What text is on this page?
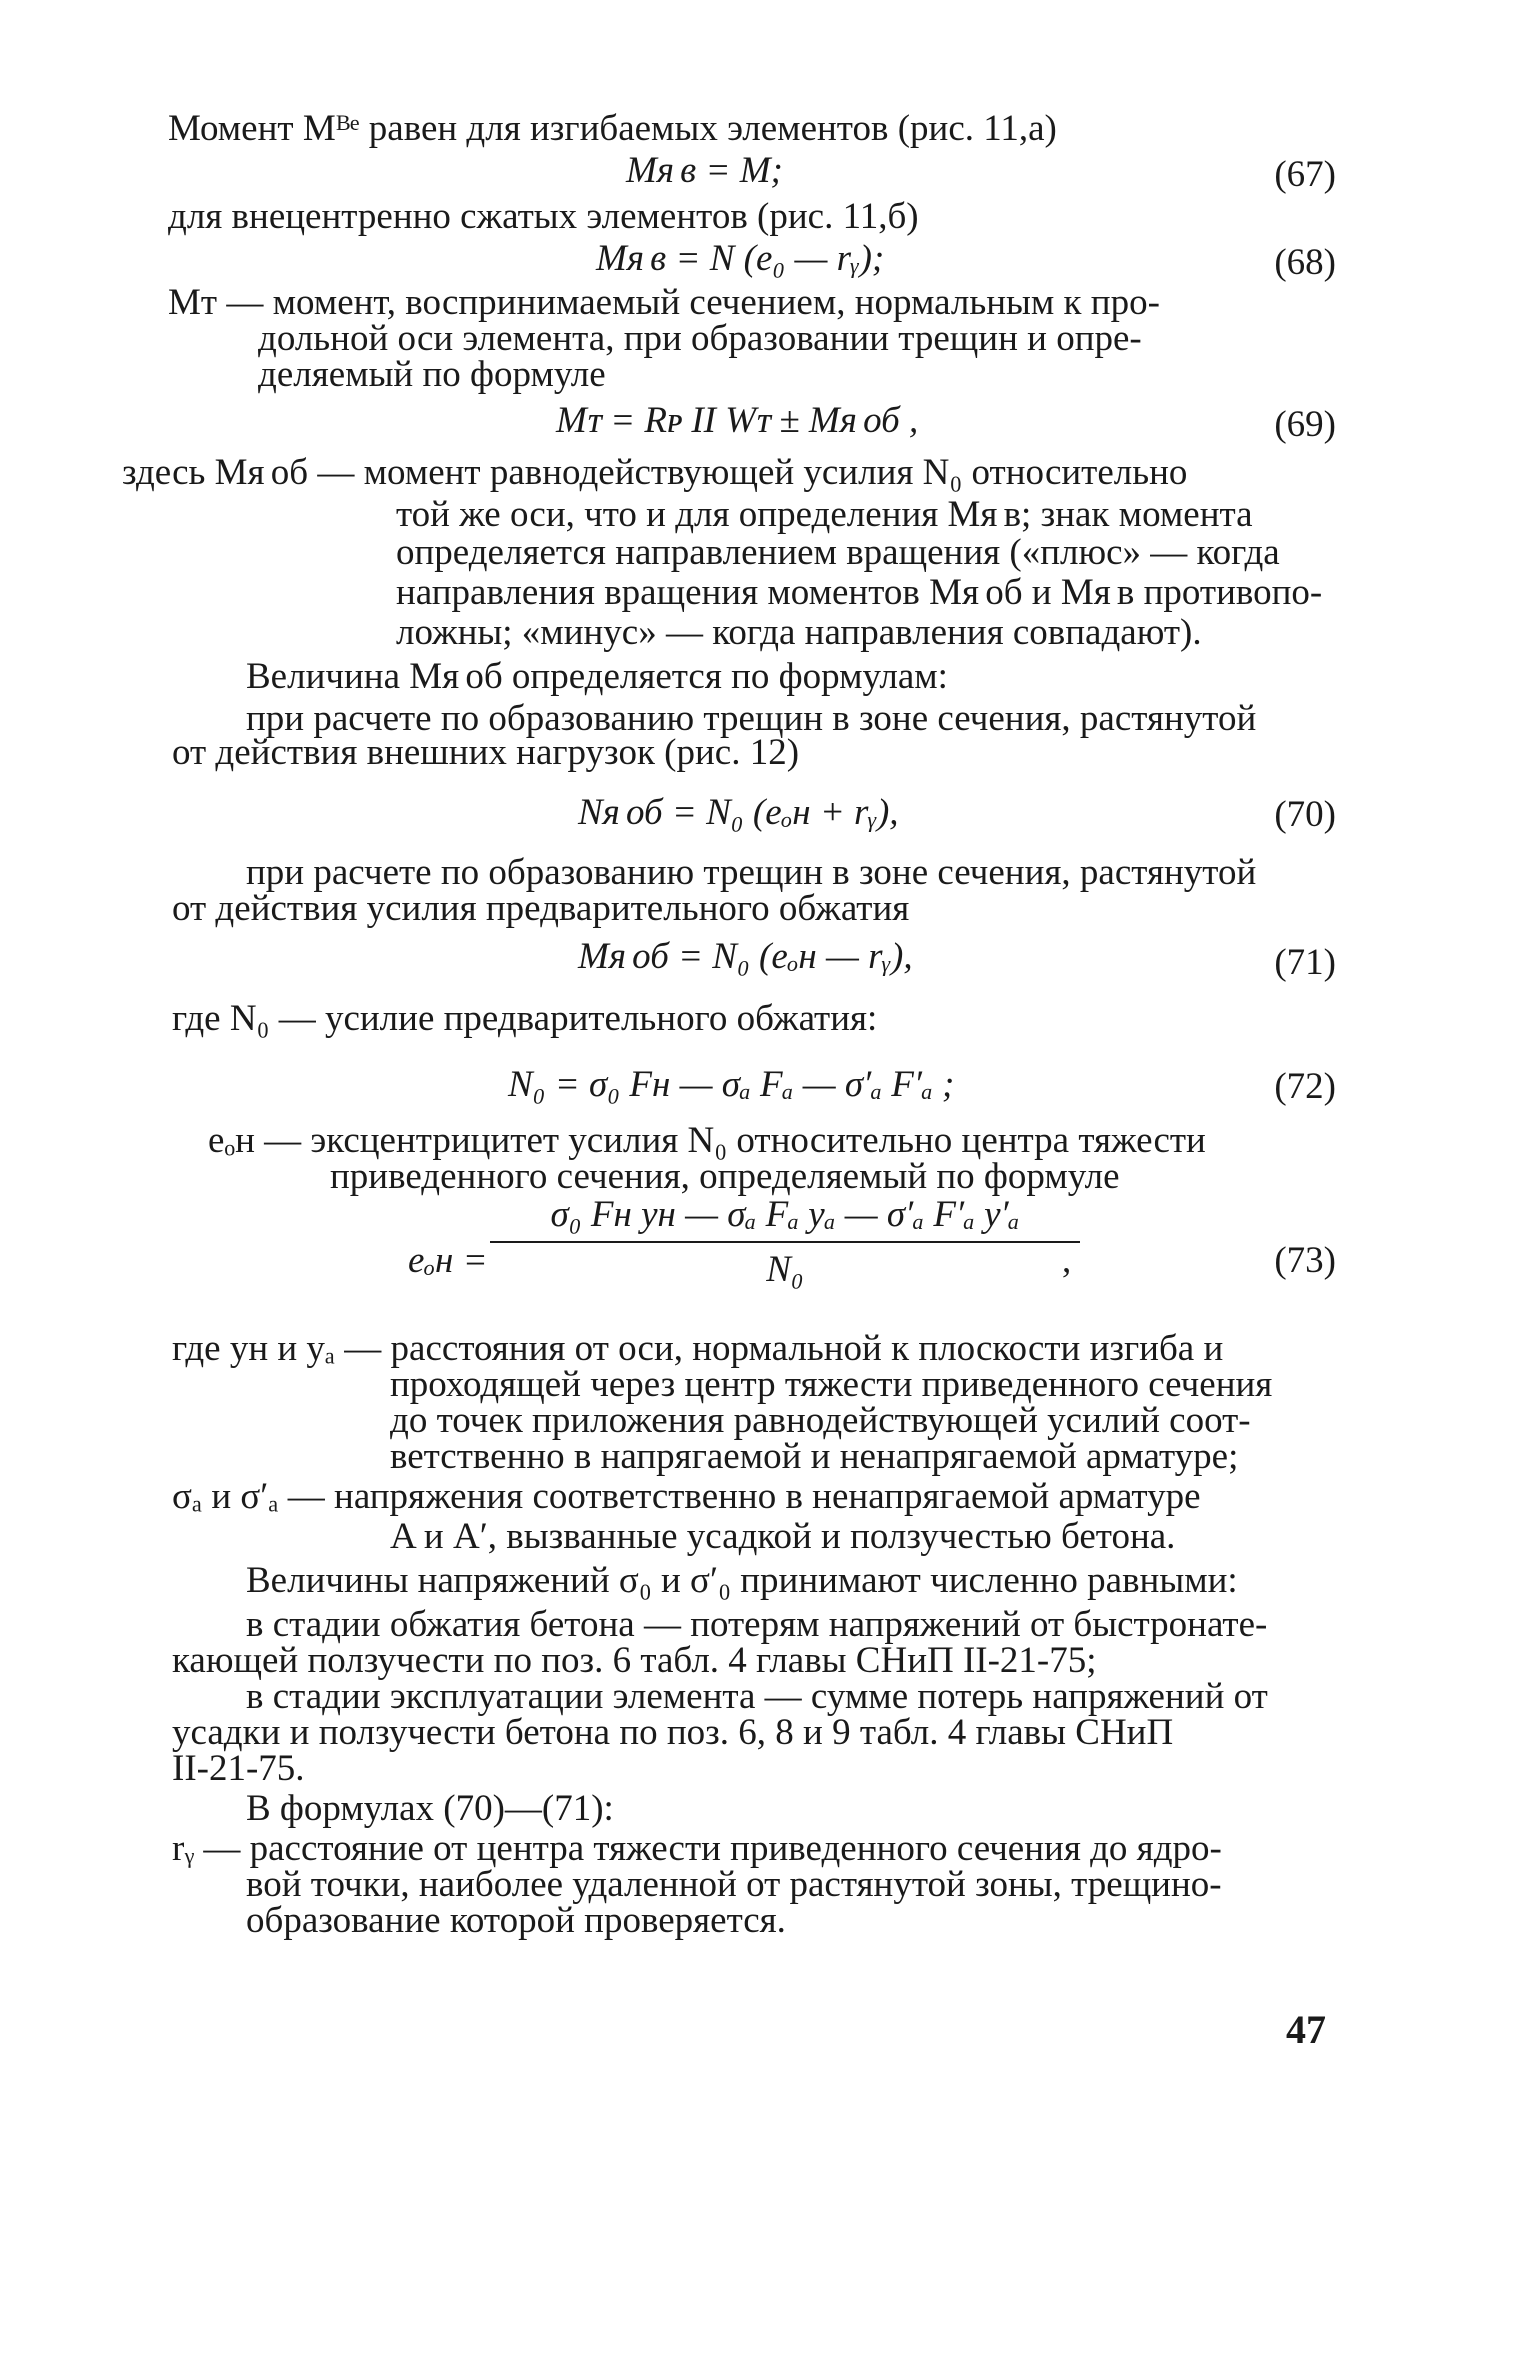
Момент Mᴮᵉ равен для изгибаемых элементов (рис. 11,а)
Mя в = M;	(67)
для внецентренно сжатых элементов (рис. 11,б)
Mя в = N (e₀ — rᵧ);	(68)
Mᴛ — момент, воспринимаемый сечением, нормальным к про-
дольной оси элемента, при образовании трещин и опре-
деляемый по формуле
Mᴛ = Rᴘ II Wᴛ ± Mя об ,	(69)
здесь Mя об — момент равнодействующей усилия N₀ относительно
той же оси, что и для определения Mя в; знак момента
определяется направлением вращения («плюс» — когда
направления вращения моментов Mя об и Mя в противопо-
ложны; «минус» — когда направления совпадают).
Величина Mя об определяется по формулам:
при расчете по образованию трещин в зоне сечения, растянутой
от действия внешних нагрузок (рис. 12)
Nя об = N₀ (eₒн + rᵧ),	(70)
при расчете по образованию трещин в зоне сечения, растянутой
от действия усилия предварительного обжатия
Mя об = N₀ (eₒн — rᵧ),	(71)
где N₀ — усилие предварительного обжатия:
N₀ = σ₀ Fн — σₐ Fₐ — σ′ₐ F′ₐ ;	(72)
eₒн — эксцентрицитет усилия N₀ относительно центра тяжести
приведенного сечения, определяемый по формуле
eₒн =
σ₀ Fн yн — σₐ Fₐ yₐ — σ′ₐ F′ₐ y′ₐ
N₀	,	(73)
где yн и yₐ — расстояния от оси, нормальной к плоскости изгиба и
проходящей через центр тяжести приведенного сечения
до точек приложения равнодействующей усилий соот-
ветственно в напрягаемой и ненапрягаемой арматуре;
σₐ и σ′ₐ — напряжения соответственно в ненапрягаемой арматуре
A и A′, вызванные усадкой и ползучестью бетона.
Величины напряжений σ₀ и σ′₀ принимают численно равными:
в стадии обжатия бетона — потерям напряжений от быстронате-
кающей ползучести по поз. 6 табл. 4 главы СНиП II-21-75;
в стадии эксплуатации элемента — сумме потерь напряжений от
усадки и ползучести бетона по поз. 6, 8 и 9 табл. 4 главы СНиП
II-21-75.
В формулах (70)—(71):
rᵧ — расстояние от центра тяжести приведенного сечения до ядро-
вой точки, наиболее удаленной от растянутой зоны, трещино-
образование которой проверяется.
47
